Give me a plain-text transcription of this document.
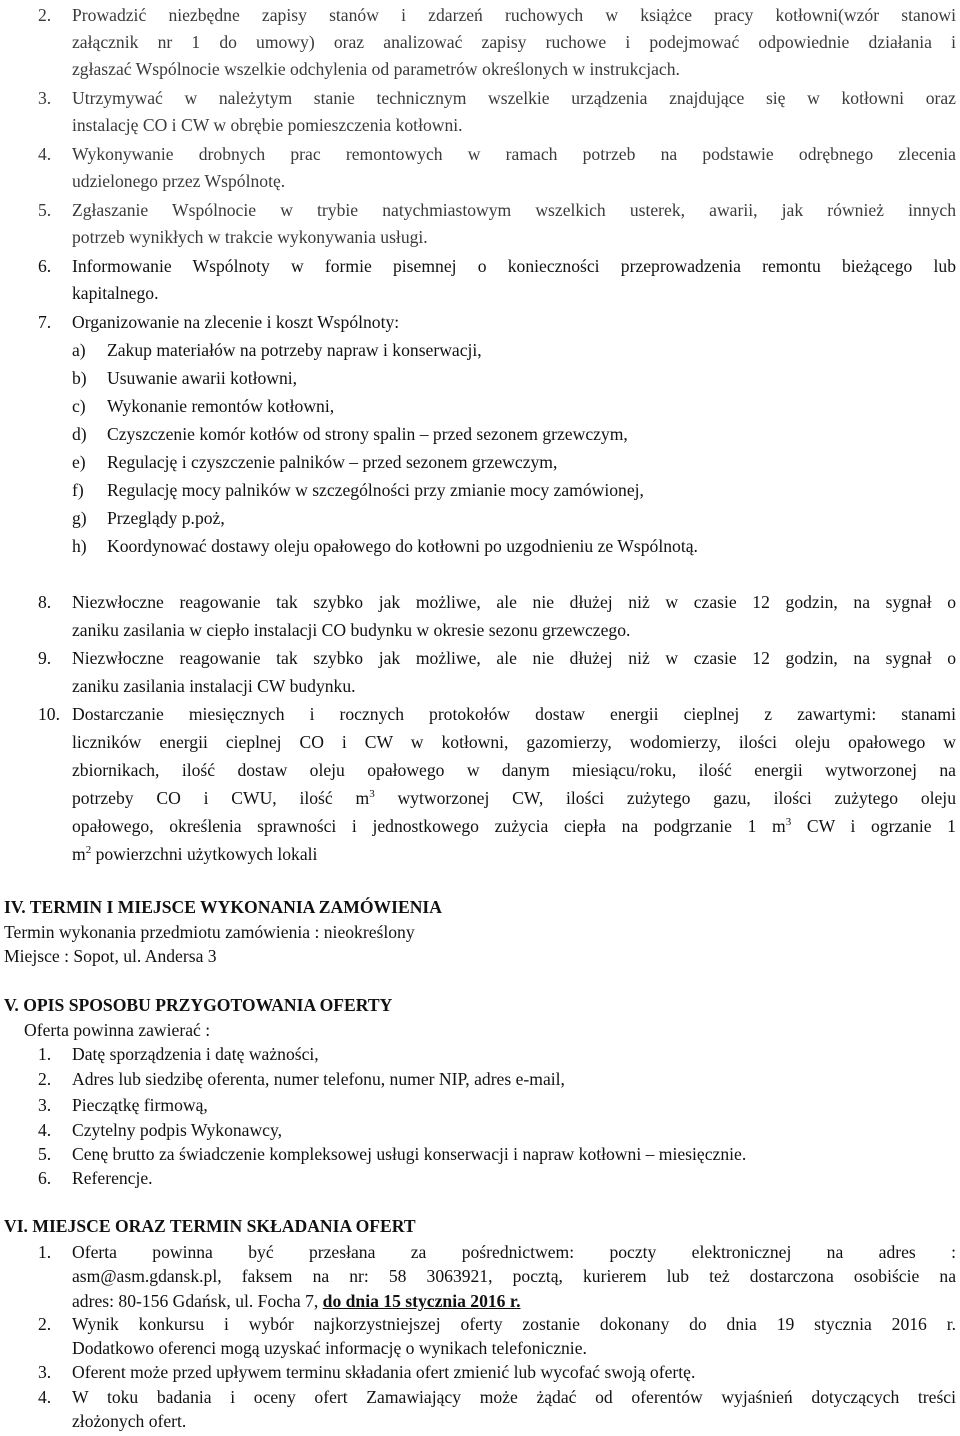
2. Prowadzić niezbędne zapisy stanów i zdarzeń ruchowych w książce pracy kotłowni(wzór stanowi
załącznik nr 1 do umowy) oraz analizować zapisy ruchowe i podejmować odpowiednie działania i
zgłaszać Wspólnocie wszelkie odchylenia od parametrów określonych w instrukcjach.
3. Utrzymywać w należytym stanie technicznym wszelkie urządzenia znajdujące się w kotłowni oraz
instalację CO i CW w obrębie pomieszczenia kotłowni.
4. Wykonywanie drobnych prac remontowych w ramach potrzeb na podstawie odrębnego zlecenia
udzielonego przez Wspólnotę.
5. Zgłaszanie Wspólnocie w trybie natychmiastowym wszelkich usterek, awarii, jak również innych
potrzeb wynikłych w trakcie wykonywania usługi.
6. Informowanie Wspólnoty w formie pisemnej o konieczności przeprowadzenia remontu bieżącego lub
kapitalnego.
7. Organizowanie na zlecenie i koszt Wspólnoty:
a) Zakup materiałów na potrzeby napraw i konserwacji,
b) Usuwanie awarii kotłowni,
c) Wykonanie remontów kotłowni,
d) Czyszczenie komór kotłów od strony spalin – przed sezonem grzewczym,
e) Regulację i czyszczenie palników – przed sezonem grzewczym,
f) Regulację mocy palników w szczególności przy zmianie mocy zamówionej,
g) Przeglądy p.poż,
h) Koordynować dostawy oleju opałowego do kotłowni po uzgodnieniu ze Wspólnotą.
8. Niezwłoczne reagowanie tak szybko jak możliwe, ale nie dłużej niż w czasie 12 godzin, na sygnał o
zaniku zasilania w ciepło instalacji CO budynku w okresie sezonu grzewczego.
9. Niezwłoczne reagowanie tak szybko jak możliwe, ale nie dłużej niż w czasie 12 godzin, na sygnał o
zaniku zasilania instalacji CW budynku.
10. Dostarczanie miesięcznych i rocznych protokołów dostaw energii cieplnej z zawartymi: stanami
liczników energii cieplnej CO i CW w kotłowni, gazomierzy, wodomierzy, ilości oleju opałowego w
zbiornikach, ilość dostaw oleju opałowego w danym miesiącu/roku, ilość energii wytworzonej na
potrzeby CO i CWU, ilość $m^3$ wytworzonej CW, ilości zużytego gazu, ilości zużytego oleju
opałowego, określenia sprawności i jednostkowego zużycia ciepła na podgrzanie 1 $m^3$ CW i ogrzanie 1
$m^2$ powierzchni użytkowych lokali
IV. TERMIN I MIEJSCE WYKONANIA ZAMÓWIENIA
Termin wykonania przedmiotu zamówienia : nieokreślony
Miejsce : Sopot, ul. Andersa 3
V. OPIS SPOSOBU PRZYGOTOWANIA OFERTY
Oferta powinna zawierać :
1. Datę sporządzenia i datę ważności,
2. Adres lub siedzibę oferenta, numer telefonu, numer NIP, adres e-mail,
3. Pieczątkę firmową,
4. Czytelny podpis Wykonawcy,
5. Cenę brutto za świadczenie kompleksowej usługi konserwacji i napraw kotłowni – miesięcznie.
6. Referencje.
VI. MIEJSCE ORAZ TERMIN SKŁADANIA OFERT
1. Oferta powinna być przesłana za pośrednictwem: poczty elektronicznej na adres :
asm@asm.gdansk.pl, faksem na nr: 58 3063921, pocztą, kurierem lub też dostarczona osobiście na
adres: 80-156 Gdańsk, ul. Focha 7, do dnia 15 stycznia 2016 r.
2. Wynik konkursu i wybór najkorzystniejszej oferty zostanie dokonany do dnia 19 stycznia 2016 r.
Dodatkowo oferenci mogą uzyskać informację o wynikach telefonicznie.
3. Oferent może przed upływem terminu składania ofert zmienić lub wycofać swoją ofertę.
4. W toku badania i oceny ofert Zamawiający może żądać od oferentów wyjaśnień dotyczących treści
złożonych ofert.
